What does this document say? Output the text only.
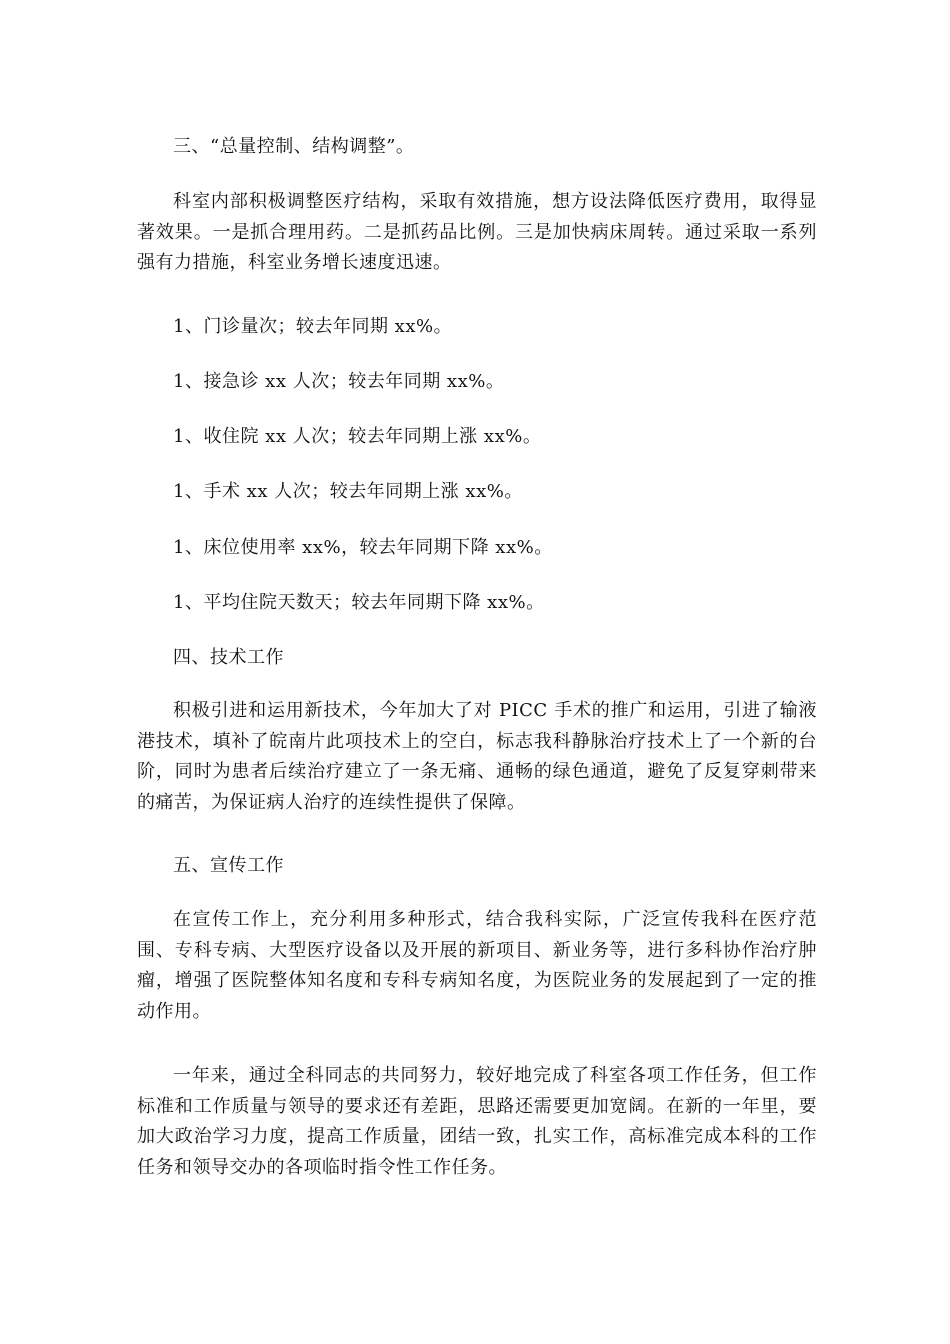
三、“总量控制、结构调整”。

科室内部积极调整医疗结构，采取有效措施，想方设法降低医疗费用，取得显著效果。一是抓合理用药。二是抓药品比例。三是加快病床周转。通过采取一系列强有力措施，科室业务增长速度迅速。

1、门诊量次；较去年同期 xx%。

1、接急诊 xx 人次；较去年同期 xx%。

1、收住院 xx 人次；较去年同期上涨 xx%。

1、手术 xx 人次；较去年同期上涨 xx%。

1、床位使用率 xx%，较去年同期下降 xx%。

1、平均住院天数天；较去年同期下降 xx%。

四、技术工作

积极引进和运用新技术，今年加大了对 PICC 手术的推广和运用，引进了输液港技术，填补了皖南片此项技术上的空白，标志我科静脉治疗技术上了一个新的台阶，同时为患者后续治疗建立了一条无痛、通畅的绿色通道，避免了反复穿刺带来的痛苦，为保证病人治疗的连续性提供了保障。

五、宣传工作

在宣传工作上，充分利用多种形式，结合我科实际，广泛宣传我科在医疗范围、专科专病、大型医疗设备以及开展的新项目、新业务等，进行多科协作治疗肿瘤，增强了医院整体知名度和专科专病知名度，为医院业务的发展起到了一定的推动作用。

一年来，通过全科同志的共同努力，较好地完成了科室各项工作任务，但工作标准和工作质量与领导的要求还有差距，思路还需要更加宽阔。在新的一年里，要加大政治学习力度，提高工作质量，团结一致，扎实工作，高标准完成本科的工作任务和领导交办的各项临时指令性工作任务。
